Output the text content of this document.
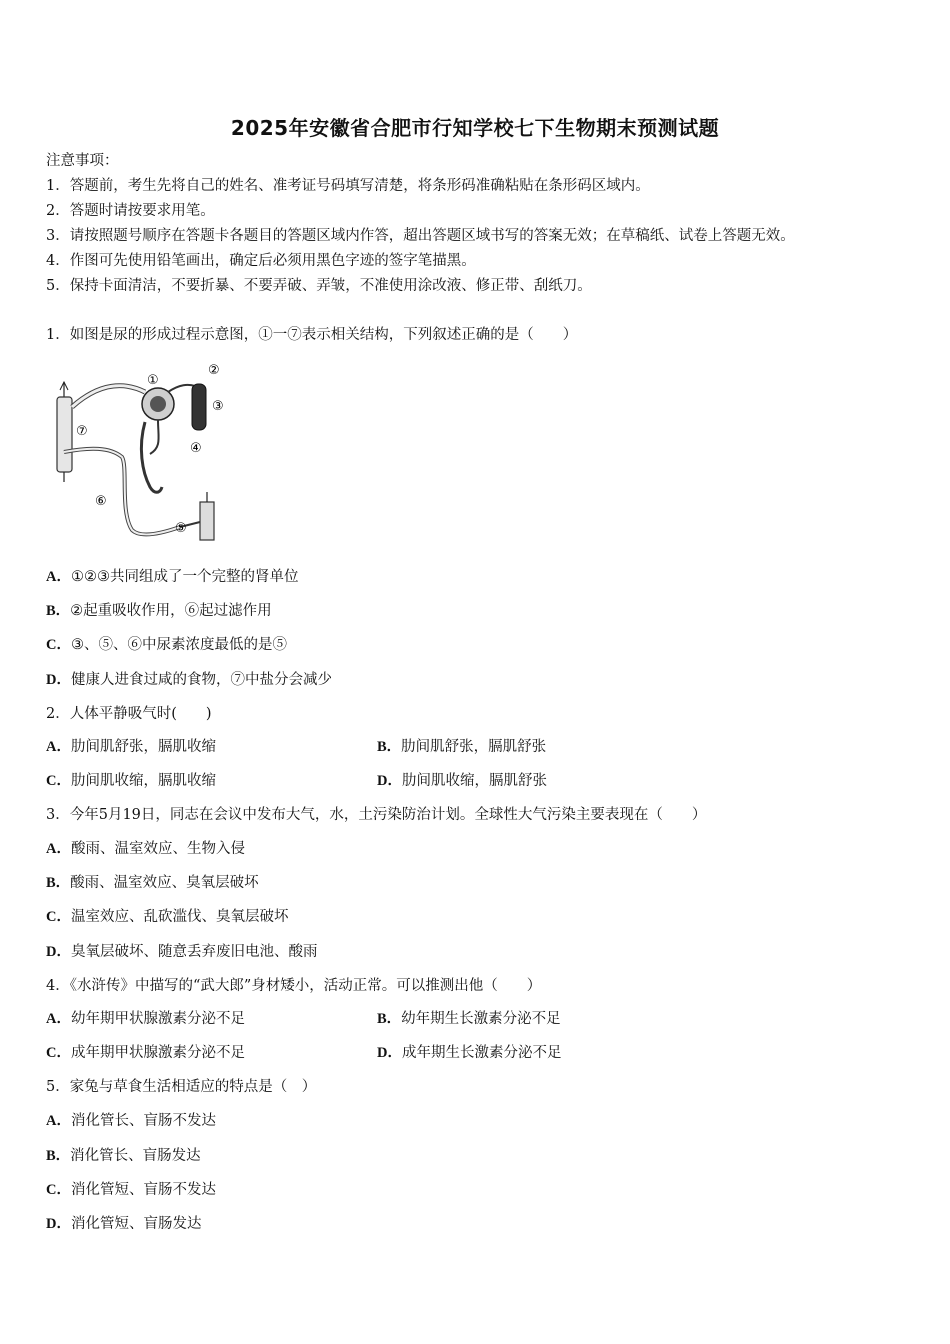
2025年安徽省合肥市行知学校七下生物期末预测试题
注意事项：
1．答题前，考生先将自己的姓名、准考证号码填写清楚，将条形码准确粘贴在条形码区域内。
2．答题时请按要求用笔。
3．请按照题号顺序在答题卡各题目的答题区域内作答，超出答题区域书写的答案无效；在草稿纸、试卷上答题无效。
4．作图可先使用铅笔画出，确定后必须用黑色字迹的签字笔描黑。
5．保持卡面清洁，不要折暴、不要弄破、弄皱，不准使用涂改液、修正带、刮纸刀。
1．如图是尿的形成过程示意图，①一⑦表示相关结构，下列叙述正确的是（　　）
①
②
③
④
⑤
⑥
⑦
A．①②③共同组成了一个完整的肾单位
B．②起重吸收作用，⑥起过滤作用
C．③、⑤、⑥中尿素浓度最低的是⑤
D．健康人进食过咸的食物，⑦中盐分会减少
2．人体平静吸气时(　　)
A．肋间肌舒张，膈肌收缩	B．肋间肌舒张，膈肌舒张
C．肋间肌收缩，膈肌收缩	D．肋间肌收缩，膈肌舒张
3．今年5月19日，同志在会议中发布大气，水，土污染防治计划。全球性大气污染主要表现在（　　）
A．酸雨、温室效应、生物入侵
B．酸雨、温室效应、臭氧层破坏
C．温室效应、乱砍滥伐、臭氧层破坏
D．臭氧层破坏、随意丢弃废旧电池、酸雨
4．《水浒传》中描写的“武大郎”身材矮小，活动正常。可以推测出他（　　）
A．幼年期甲状腺激素分泌不足	B．幼年期生长激素分泌不足
C．成年期甲状腺激素分泌不足	D．成年期生长激素分泌不足
5．家兔与草食生活相适应的特点是（　）
A．消化管长、盲肠不发达
B．消化管长、盲肠发达
C．消化管短、盲肠不发达
D．消化管短、盲肠发达
